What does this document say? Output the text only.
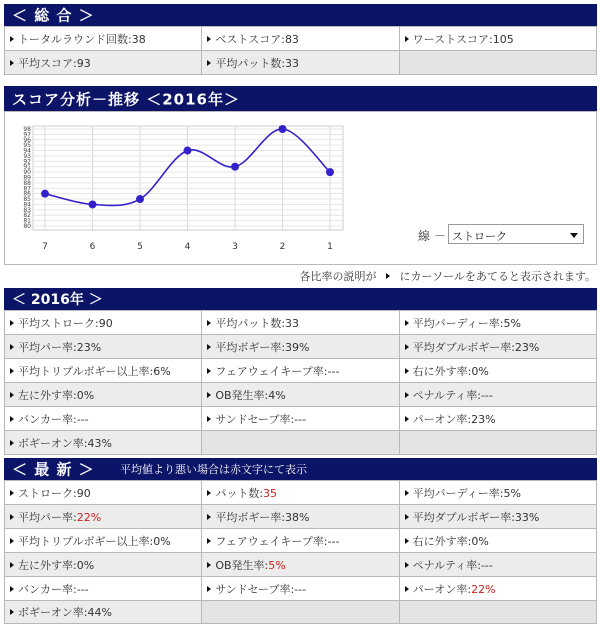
＜ 総 合 ＞
トータルラウンド回数:38	ベストスコア:83	ワーストスコア:105
平均スコア:93	平均パット数:33	
スコア分析－推移 ＜2016年＞
98
97
96
95
94
93
92
91
90
89
88
87
86
85
84
83
82
81
80
7	6	5	4	3	2	1
線 － ストローク
各比率の説明が にカーソールをあてると表示されます。
＜ 2016年 ＞
平均ストローク:90	平均パット数:33	平均バーディー率:5%
平均パー率:23%	平均ボギー率:39%	平均ダブルボギー率:23%
平均トリプルボギー以上率:6%	フェアウェイキープ率:---	右に外す率:0%
左に外す率:0%	OB発生率:4%	ペナルティ率:---
バンカー率:---	サンドセーブ率:---	パーオン率:23%
ボギーオン率:43%		
＜ 最 新 ＞ 平均値より悪い場合は赤文字にて表示
ストローク:90	パット数:35	平均バーディー率:5%
平均パー率:22%	平均ボギー率:38%	平均ダブルボギー率:33%
平均トリプルボギー以上率:0%	フェアウェイキープ率:---	右に外す率:0%
左に外す率:0%	OB発生率:5%	ペナルティ率:---
バンカー率:---	サンドセーブ率:---	パーオン率:22%
ボギーオン率:44%		
